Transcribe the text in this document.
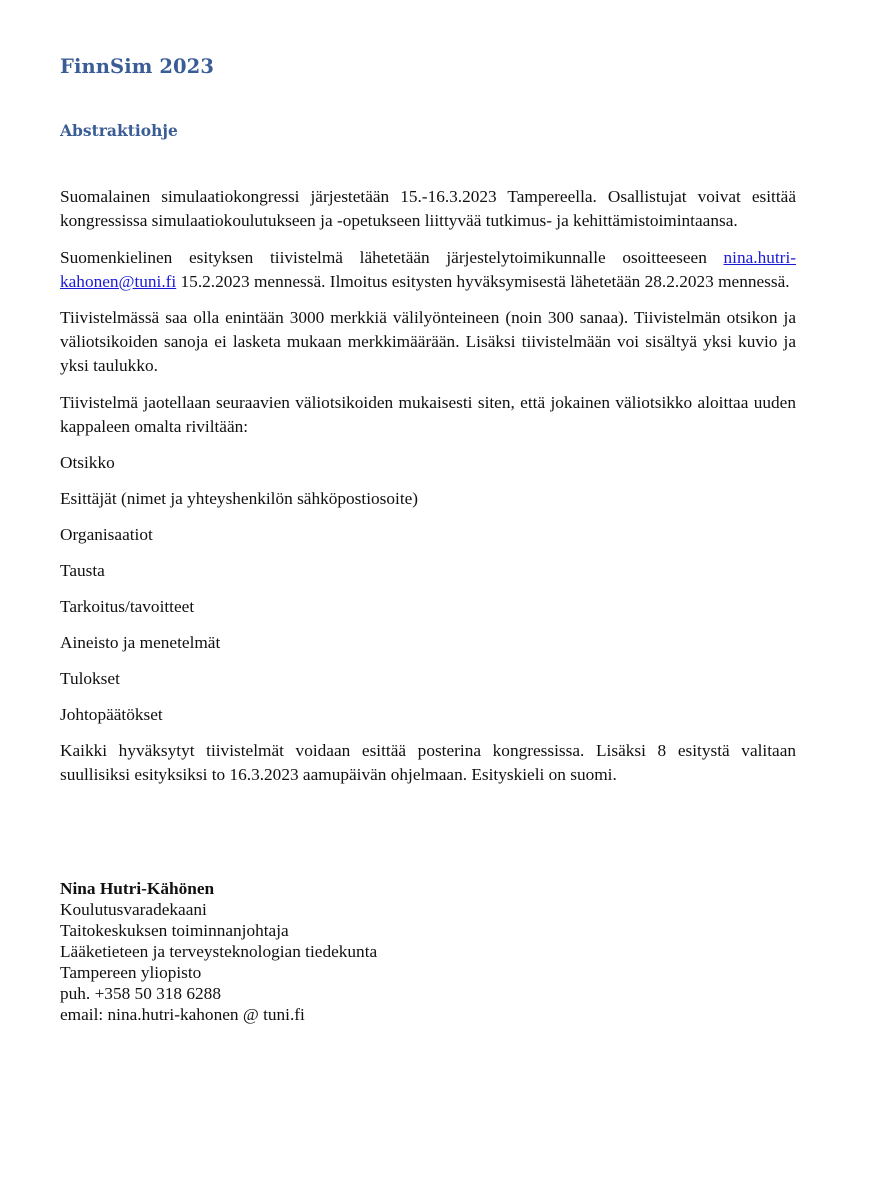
FinnSim 2023
Abstraktiohje

Suomalainen simulaatiokongressi järjestetään 15.-16.3.2023 Tampereella. Osallistujat voivat esittää kongressissa simulaatiokoulutukseen ja -opetukseen liittyvää tutkimus- ja kehittämistoimintaansa.

Suomenkielinen esityksen tiivistelmä lähetetään järjestelytoimikunnalle osoitteeseen nina.hutri-kahonen@tuni.fi 15.2.2023 mennessä. Ilmoitus esitysten hyväksymisestä lähetetään 28.2.2023 mennessä.

Tiivistelmässä saa olla enintään 3000 merkkiä välilyönteineen (noin 300 sanaa). Tiivistelmän otsikon ja väliotsikoiden sanoja ei lasketa mukaan merkkimäärään. Lisäksi tiivistelmään voi sisältyä yksi kuvio ja yksi taulukko.

Tiivistelmä jaotellaan seuraavien väliotsikoiden mukaisesti siten, että jokainen väliotsikko aloittaa uuden kappaleen omalta riviltään:

Otsikko
Esittäjät (nimet ja yhteyshenkilön sähköpostiosoite)
Organisaatiot
Tausta
Tarkoitus/tavoitteet
Aineisto ja menetelmät
Tulokset
Johtopäätökset

Kaikki hyväksytyt tiivistelmät voidaan esittää posterina kongressissa. Lisäksi 8 esitystä valitaan suullisiksi esityksiksi to 16.3.2023 aamupäivän ohjelmaan. Esityskieli on suomi.

Nina Hutri-Kähönen
Koulutusvaradekaani
Taitokeskuksen toiminnanjohtaja
Lääketieteen ja terveysteknologian tiedekunta
Tampereen yliopisto
puh. +358 50 318 6288
email: nina.hutri-kahonen @ tuni.fi
